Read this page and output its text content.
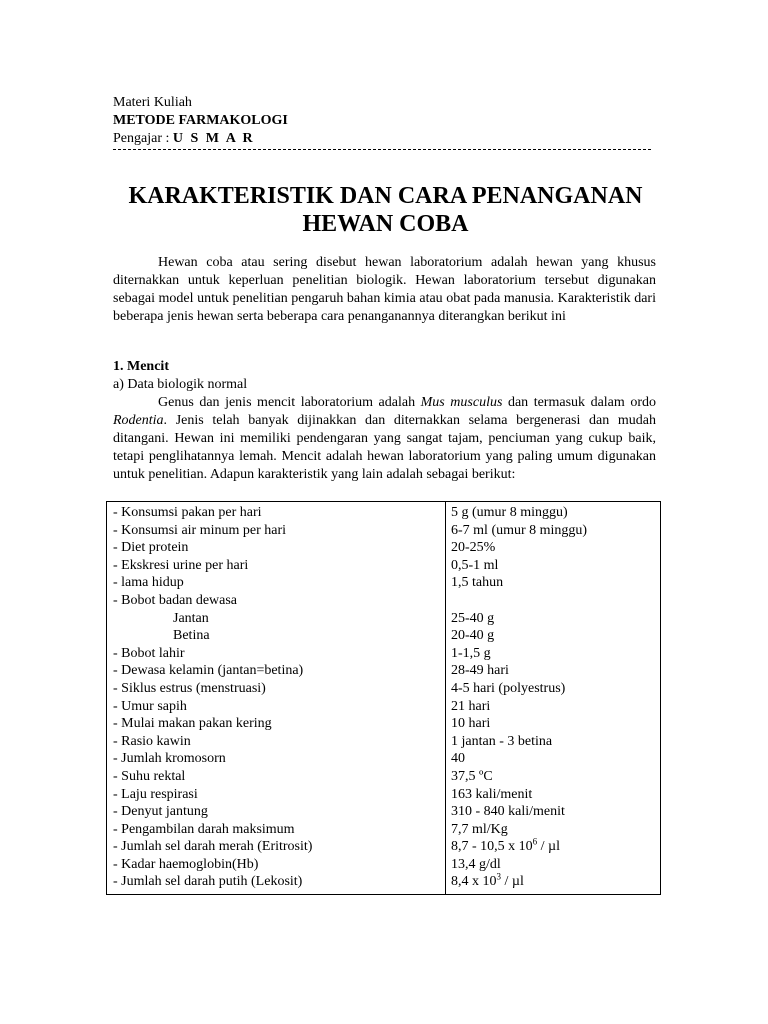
Materi Kuliah
METODE FARMAKOLOGI
Pengajar : U S M A R
KARAKTERISTIK DAN CARA PENANGANAN HEWAN COBA

Hewan coba atau sering disebut hewan laboratorium adalah hewan yang khusus diternakkan untuk keperluan penelitian biologik. Hewan laboratorium tersebut digunakan sebagai model untuk penelitian pengaruh bahan kimia atau obat pada manusia. Karakteristik dari beberapa jenis hewan serta beberapa cara penanganannya diterangkan berikut ini

1. Mencit

a) Data biologik normal

Genus dan jenis mencit laboratorium adalah Mus musculus dan termasuk dalam ordo Rodentia. Jenis telah banyak dijinakkan dan diternakkan selama bergenerasi dan mudah ditangani. Hewan ini memiliki pendengaran yang sangat tajam, penciuman yang cukup baik, tetapi penglihatannya lemah. Mencit adalah hewan laboratorium yang paling umum digunakan untuk penelitian. Adapun karakteristik yang lain adalah sebagai berikut:

- Konsumsi pakan per hari	5 g (umur 8 minggu)
- Konsumsi air minum per hari	6-7 ml (umur 8 minggu)
- Diet protein	20-25%
- Ekskresi urine per hari	0,5-1 ml
- lama hidup	1,5 tahun
- Bobot badan dewasa	
Jantan	25-40 g
Betina	20-40 g
- Bobot lahir	1-1,5 g
- Dewasa kelamin (jantan=betina)	28-49 hari
- Siklus estrus (menstruasi)	4-5 hari (polyestrus)
- Umur sapih	21 hari
- Mulai makan pakan kering	10 hari
- Rasio kawin	1 jantan - 3 betina
- Jumlah kromosorn	40
- Suhu rektal	37,5 ºC
- Laju respirasi	163 kali/menit
- Denyut jantung	310 - 840 kali/menit
- Pengambilan darah maksimum	7,7 ml/Kg
- Jumlah sel darah merah (Eritrosit)	8,7 - 10,5 x $10^6$ / µl
- Kadar haemoglobin(Hb)	13,4 g/dl
- Jumlah sel darah putih (Lekosit)	8,4 x $10^3$ / µl
